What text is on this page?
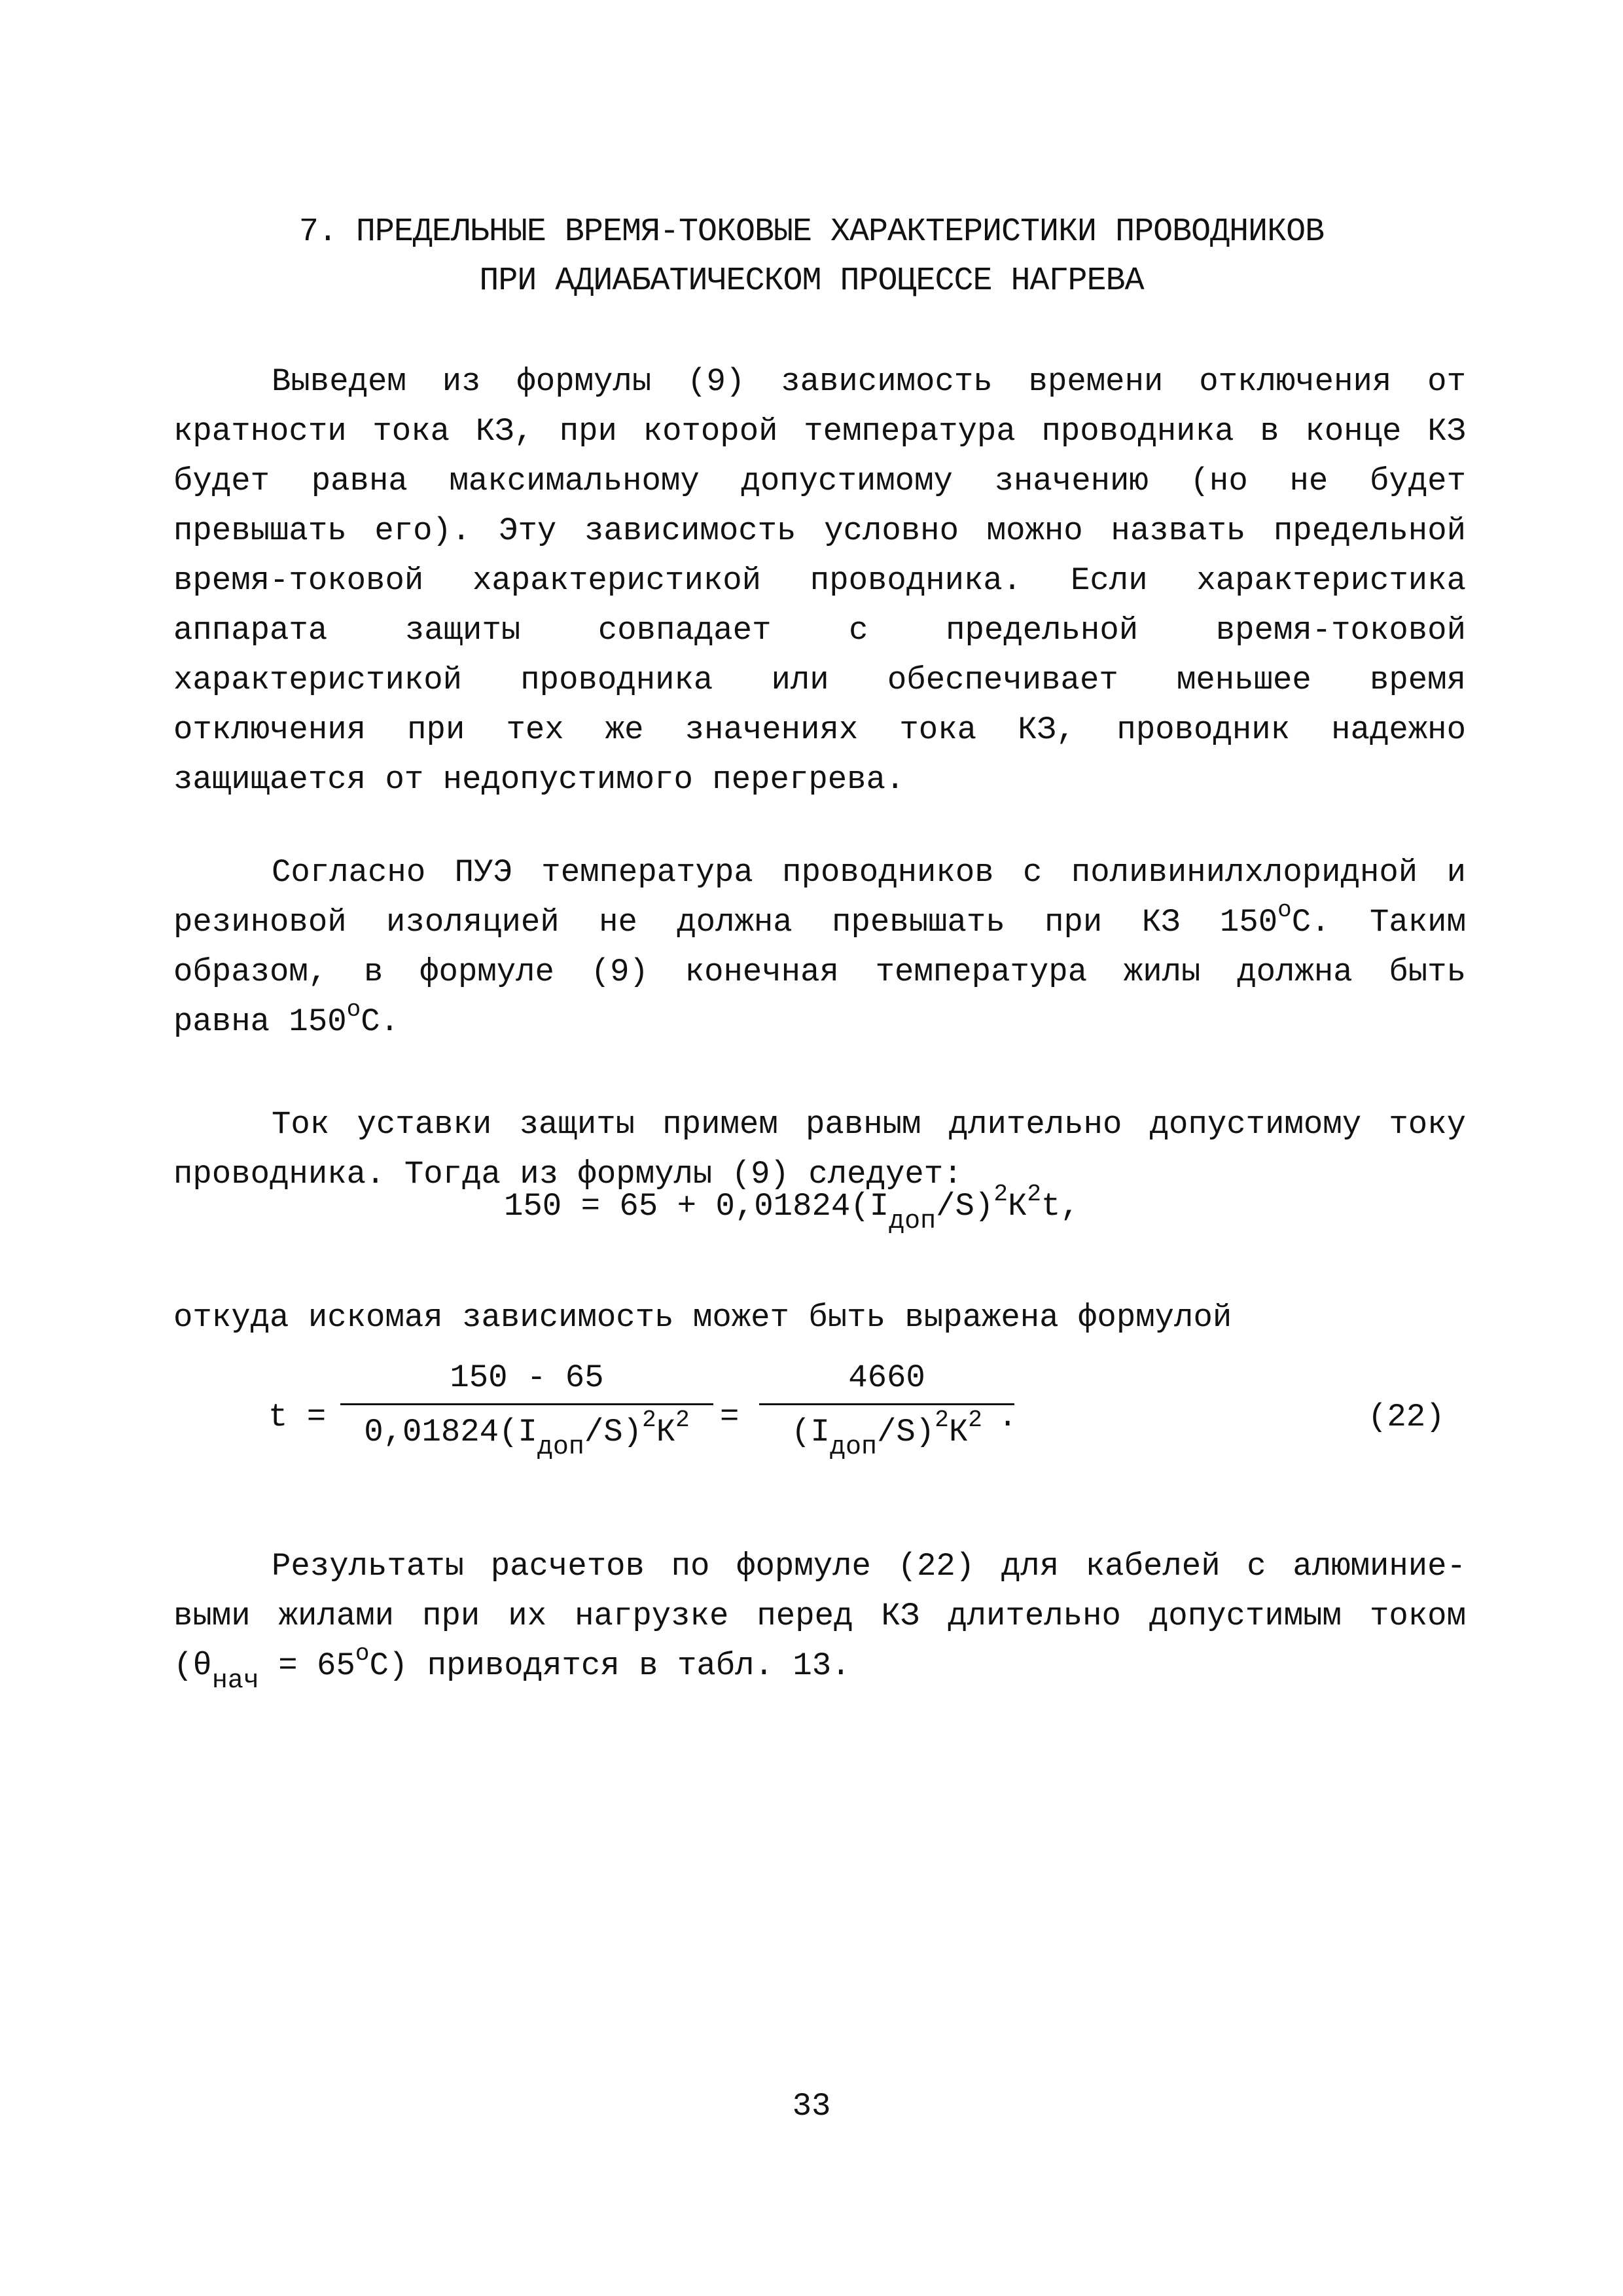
7. ПРЕДЕЛЬНЫЕ ВРЕМЯ-ТОКОВЫЕ ХАРАКТЕРИСТИКИ ПРОВОДНИКОВ
ПРИ АДИАБАТИЧЕСКОМ ПРОЦЕССЕ НАГРЕВА
Выведем из формулы (9) зависимость времени отключения от
кратности тока КЗ, при которой температура проводника в конце КЗ
будет равна максимальному допустимому значению (но не будет
превышать его). Эту зависимость условно можно назвать предельной
время-токовой характеристикой проводника. Если характеристика
аппарата защиты совпадает с предельной время-токовой
характеристикой проводника или обеспечивает меньшее время
отключения при тех же значениях тока КЗ, проводник надежно
защищается от недопустимого перегрева.
Согласно ПУЭ температура проводников с поливинилхлоридной и
резиновой изоляцией не должна превышать при КЗ $150^оС$. Таким
образом, в формуле (9) конечная температура жилы должна быть
равна $150^оС$.
Ток уставки защиты примем равным длительно допустимому току
проводника. Тогда из формулы (9) следует:
$150 = 65 + 0,01824(I_{доп}/S)^2К^2t$,
откуда искомая зависимость может быть выражена формулой
t =
150 - 65
$0,01824(I_{доп}/S)^2К^2$ =
4660
$(I_{доп}/S)^2К^2$ .	(22)
Результаты расчетов по формуле (22) для кабелей с алюминие-
выми жилами при их нагрузке перед КЗ длительно допустимым током
$(\theta_{нач} = 65^оС)$ приводятся в табл. 13.
33
